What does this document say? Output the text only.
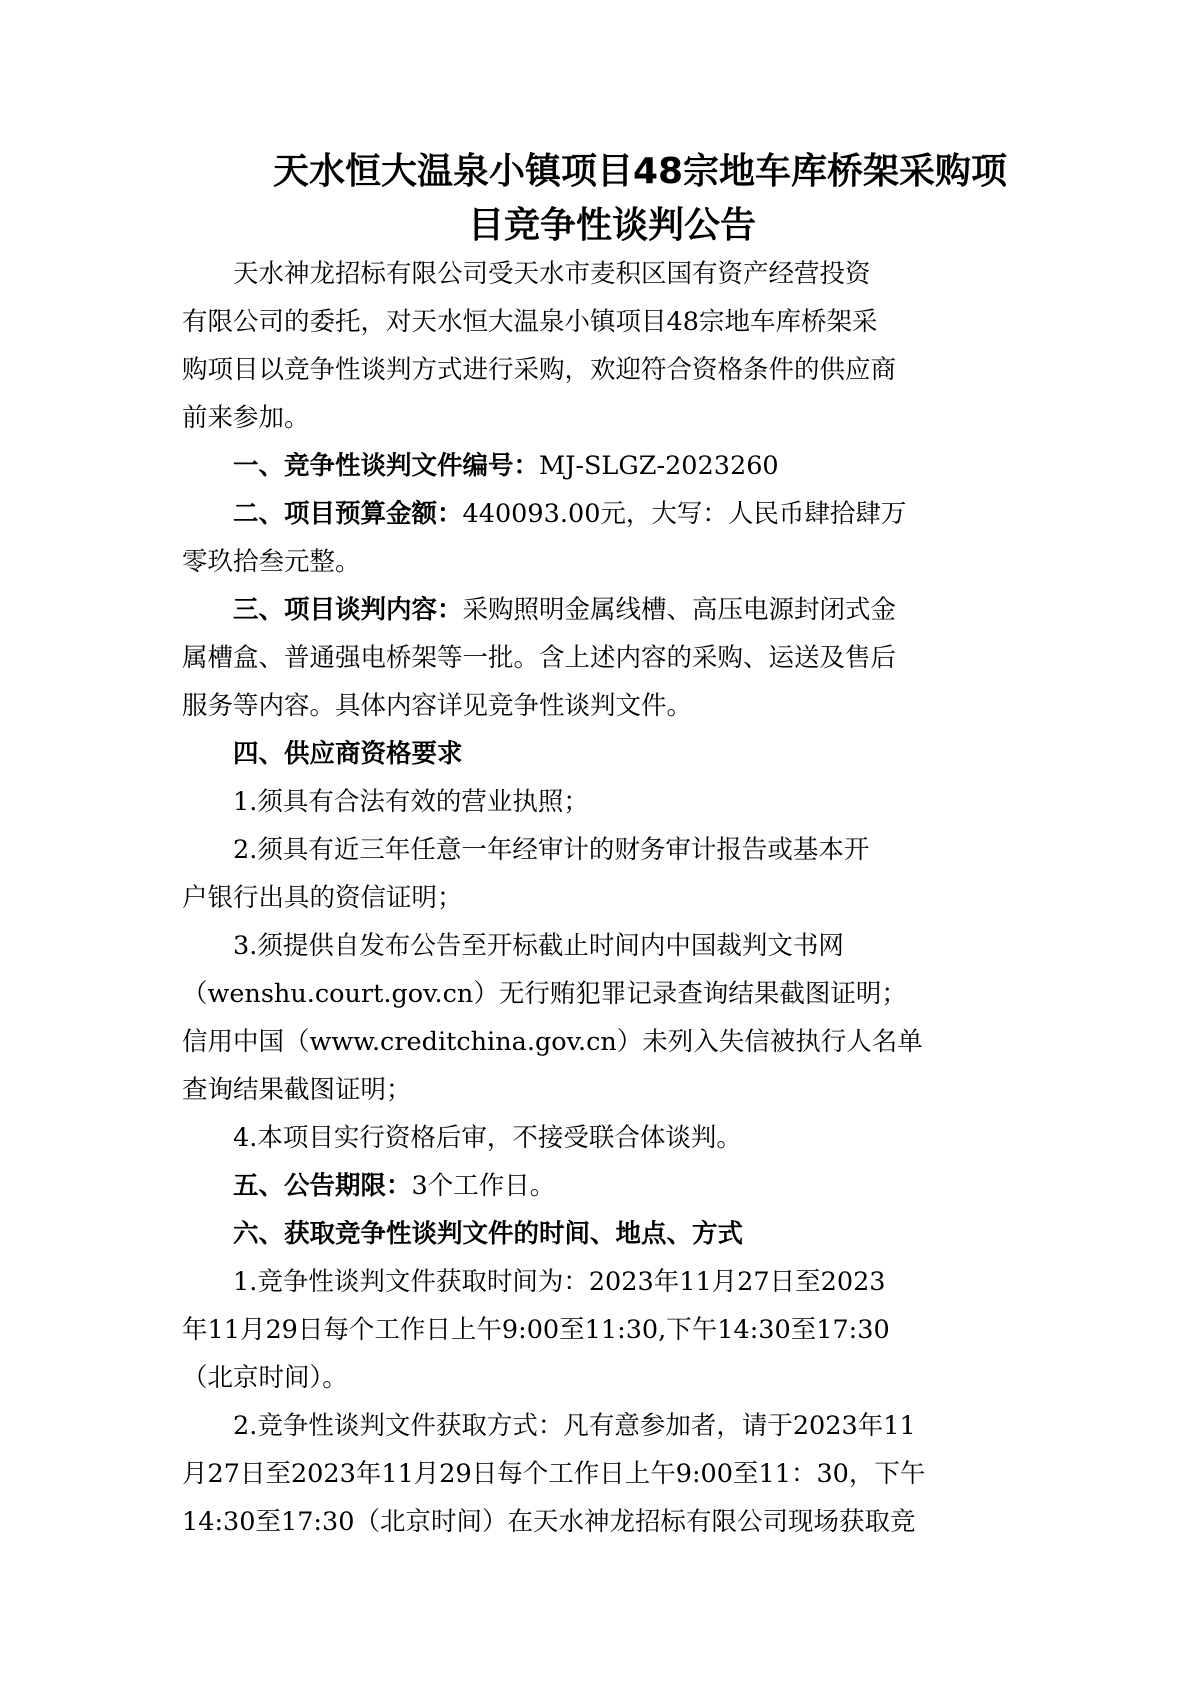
天水恒大温泉小镇项目48宗地车库桥架采购项
目竞争性谈判公告
天水神龙招标有限公司受天水市麦积区国有资产经营投资
有限公司的委托，对天水恒大温泉小镇项目48宗地车库桥架采
购项目以竞争性谈判方式进行采购，欢迎符合资格条件的供应商
前来参加。
一、竞争性谈判文件编号：MJ-SLGZ-2023260
二、项目预算金额：440093.00元，大写：人民币肆拾肆万
零玖拾叁元整。
三、项目谈判内容：采购照明金属线槽、高压电源封闭式金
属槽盒、普通强电桥架等一批。含上述内容的采购、运送及售后
服务等内容。具体内容详见竞争性谈判文件。
四、供应商资格要求
1.须具有合法有效的营业执照；
2.须具有近三年任意一年经审计的财务审计报告或基本开
户银行出具的资信证明；
3.须提供自发布公告至开标截止时间内中国裁判文书网
（wenshu.court.gov.cn）无行贿犯罪记录查询结果截图证明；
信用中国（www.creditchina.gov.cn）未列入失信被执行人名单
查询结果截图证明；
4.本项目实行资格后审，不接受联合体谈判。
五、公告期限：3个工作日。
六、获取竞争性谈判文件的时间、地点、方式
1.竞争性谈判文件获取时间为：2023年11月27日至2023
年11月29日每个工作日上午9:00至11:30,下午14:30至17:30
（北京时间）。
2.竞争性谈判文件获取方式：凡有意参加者，请于2023年11
月27日至2023年11月29日每个工作日上午9:00至11：30，下午
14:30至17:30（北京时间）在天水神龙招标有限公司现场获取竞
